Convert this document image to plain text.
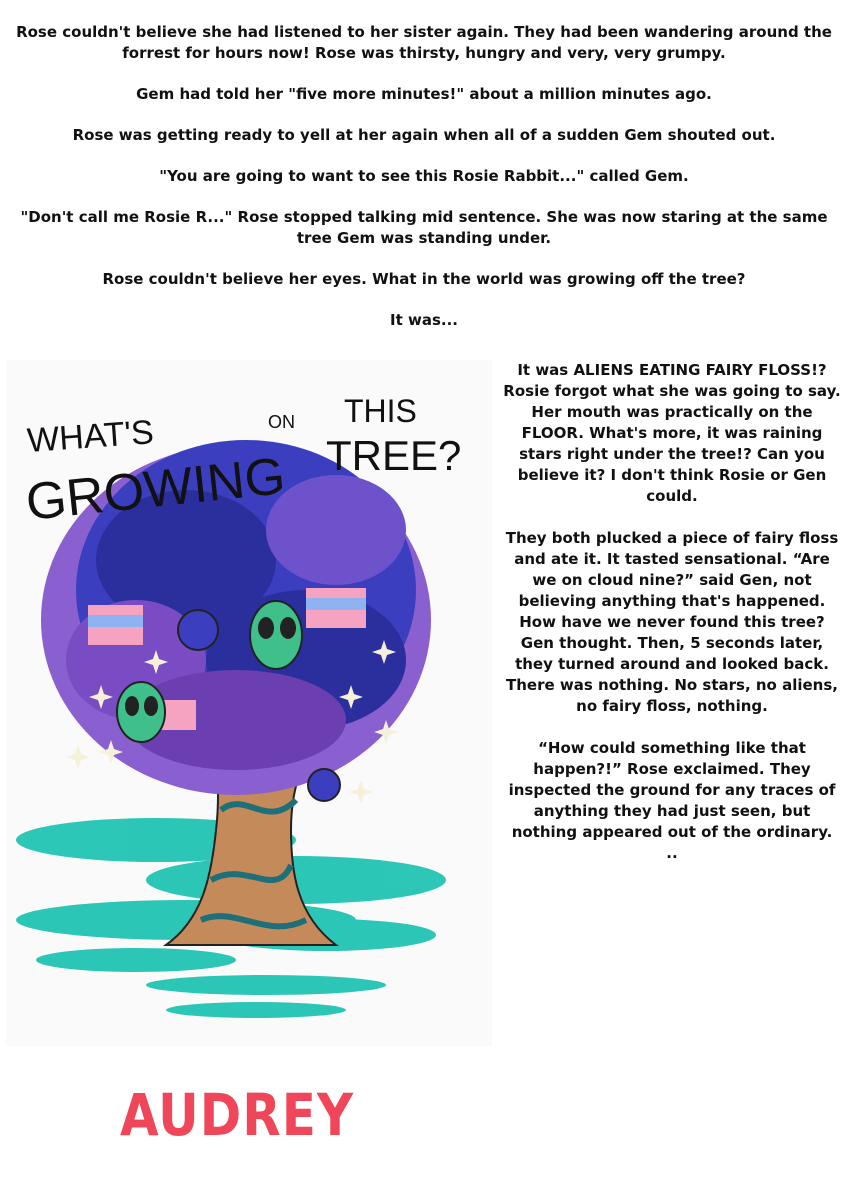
Rose couldn't believe she had listened to her sister again. They had been wandering around the forrest for hours now! Rose was thirsty, hungry and very, very grumpy.

Gem had told her "five more minutes!" about a million minutes ago.

Rose was getting ready to yell at her again when all of a sudden Gem shouted out.

"You are going to want to see this Rosie Rabbit..." called Gem.

"Don't call me Rosie R..." Rose stopped talking mid sentence. She was now staring at the same tree Gem was standing under.

Rose couldn't believe her eyes. What in the world was growing off the tree?

It was...

WHAT'S
GROWING
ON THIS
TREE?

It was ALIENS EATING FAIRY FLOSS!? Rosie forgot what she was going to say. Her mouth was practically on the FLOOR. What's more, it was raining stars right under the tree!? Can you believe it? I don't think Rosie or Gen could.

They both plucked a piece of fairy floss and ate it. It tasted sensational. “Are we on cloud nine?” said Gen, not believing anything that's happened. How have we never found this tree? Gen thought. Then, 5 seconds later, they turned around and looked back. There was nothing. No stars, no aliens, no fairy floss, nothing.

“How could something like that happen?!” Rose exclaimed. They inspected the ground for any traces of anything they had just seen, but nothing appeared out of the ordinary.

..

AUDREY
